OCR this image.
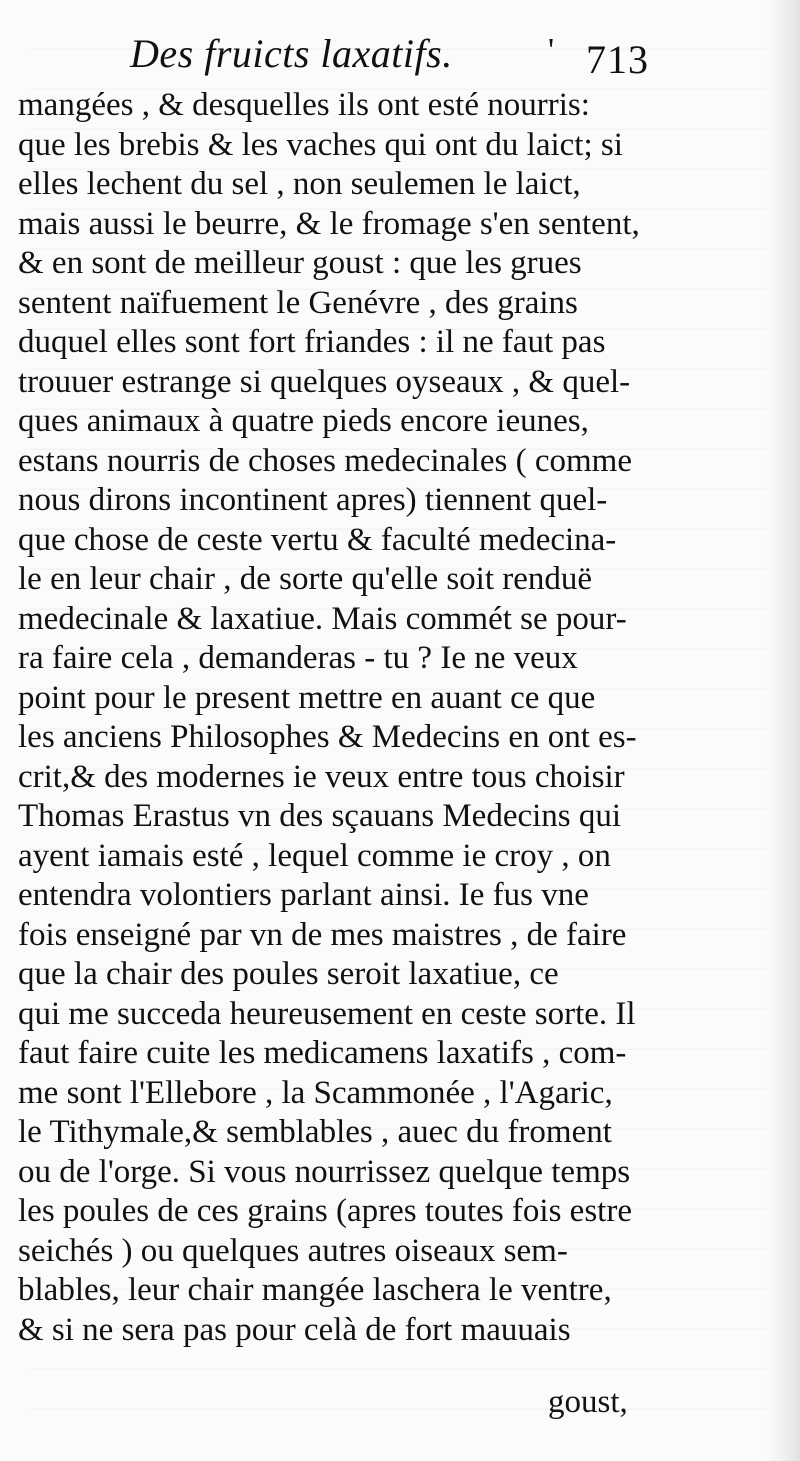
Des fruicts laxatifs.	' 713
mangées , & desquelles ils ont esté nourris:
que les brebis & les vaches qui ont du laict; si
elles lechent du sel , non seulemen le laict,
mais aussi le beurre, & le fromage s'en sentent,
& en sont de meilleur goust : que les grues
sentent naïfuement le Genévre , des grains
duquel elles sont fort friandes : il ne faut pas
trouuer estrange si quelques oyseaux , & quel-
ques animaux à quatre pieds encore ieunes,
estans nourris de choses medecinales ( comme
nous dirons incontinent apres) tiennent quel-
que chose de ceste vertu & faculté medecina-
le en leur chair , de sorte qu'elle soit renduë
medecinale & laxatiue. Mais commét se pour-
ra faire cela , demanderas - tu ? Ie ne veux
point pour le present mettre en auant ce que
les anciens Philosophes & Medecins en ont es-
crit,& des modernes ie veux entre tous choisir
Thomas Erastus vn des sçauans Medecins qui
ayent iamais esté , lequel comme ie croy , on
entendra volontiers parlant ainsi. Ie fus vne
fois enseigné par vn de mes maistres , de faire
que la chair des poules seroit laxatiue, ce
qui me succeda heureusement en ceste sorte. Il
faut faire cuite les medicamens laxatifs , com-
me sont l'Ellebore , la Scammonée , l'Agaric,
le Tithymale,& semblables , auec du froment
ou de l'orge. Si vous nourrissez quelque temps
les poules de ces grains (apres toutes fois estre
seichés ) ou quelques autres oiseaux sem-
blables, leur chair mangée laschera le ventre,
& si ne sera pas pour celà de fort mauuais
goust,
